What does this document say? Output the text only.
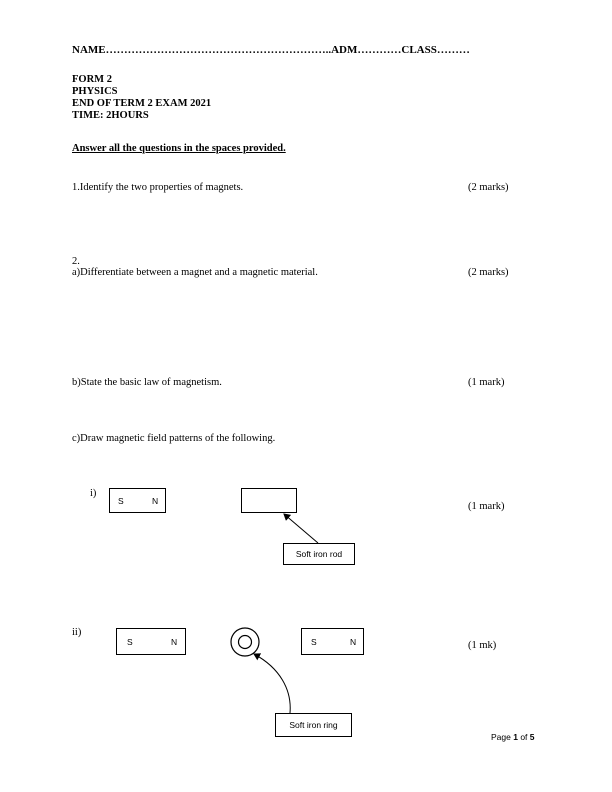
NAME……………………………………………………..ADM…………CLASS………
FORM 2
PHYSICS
END OF TERM 2 EXAM 2021
TIME: 2HOURS
Answer all the questions in the spaces provided.
1.Identify the two properties of magnets.	(2 marks)
2.
a)Differentiate between a magnet and a magnetic material.	(2 marks)
b)State the basic law of magnetism.	(1 mark)
c)Draw magnetic field patterns of the following.
i)
S	N
(1 mark)
Soft iron rod
ii)
S	N	S	N	(1 mk)
Soft iron ring
Page 1 of 5
